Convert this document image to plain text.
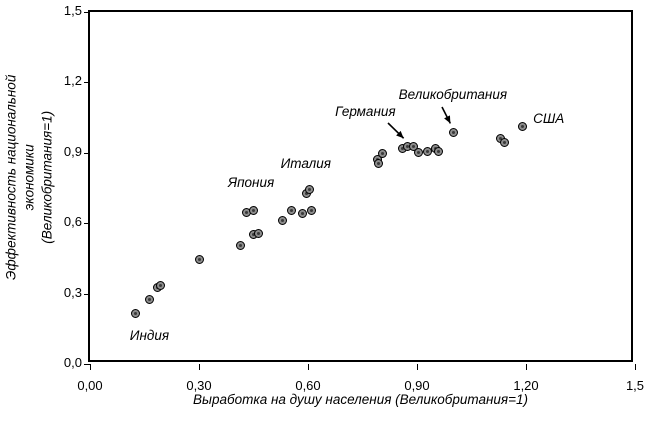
Эффективность национальной экономики (Великобритания=1)
0,00	0,30	0,60	0,90	1,20	1,5
0,0
0,3
0,6
0,9
1,2
1,5
Выработка на душу населения (Великобритания=1)
Индия
Япония
Италия
Германия
Великобритания
США
